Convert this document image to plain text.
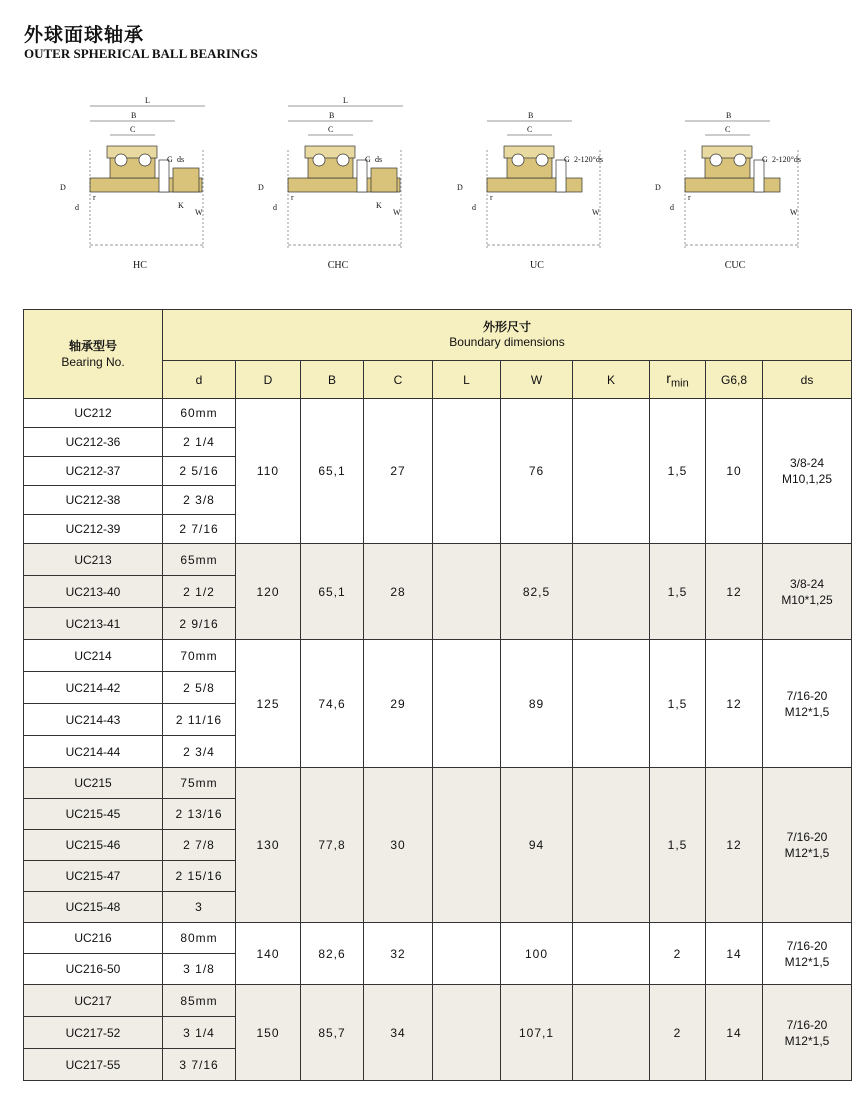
外球面球轴承
OUTER SPHERICAL BALL BEARINGS
L
B
C
D
d
r
G ds
K
W
HC
L
B
C
D
d
r
G ds
K
W
CHC
B
C
D
d
r
G 2-120°ds
W
UC
B
C
D
d
r
G 2-120°ds
W
CUC
轴承型号
Bearing No.	外形尺寸
Boundary dimensions									
	d	D	B	C	L	W	K	$r_{min}$	G6,8	ds
UC212	60mm	110	65,1	27		76		1,5	10	3/8-24
M10,1,25
UC212-36	2 1/4									
UC212-37	2 5/16									
UC212-38	2 3/8									
UC212-39	2 7/16									
UC213	65mm	120	65,1	28		82,5		1,5	12	3/8-24
M10*1,25
UC213-40	2 1/2									
UC213-41	2 9/16									
UC214	70mm	125	74,6	29		89		1,5	12	7/16-20
M12*1,5
UC214-42	2 5/8									
UC214-43	2 11/16									
UC214-44	2 3/4									
UC215	75mm	130	77,8	30		94		1,5	12	7/16-20
M12*1,5
UC215-45	2 13/16									
UC215-46	2 7/8									
UC215-47	2 15/16									
UC215-48	3									
UC216	80mm	140	82,6	32		100		2	14	7/16-20
M12*1,5
UC216-50	3 1/8									
UC217	85mm	150	85,7	34		107,1		2	14	7/16-20
M12*1,5
UC217-52	3 1/4									
UC217-55	3 7/16									
